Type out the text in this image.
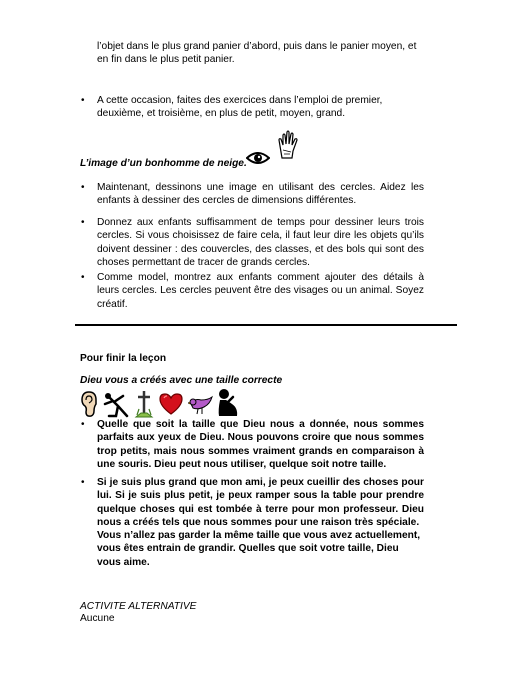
l’objet dans le plus grand panier d’abord, puis dans le panier moyen, et en fin dans le plus petit panier.
• A cette occasion, faites des exercices dans l’emploi de premier, deuxième, et troisième, en plus de petit, moyen, grand.
L’image d’un bonhomme de neige.
• Maintenant, dessinons une image en utilisant des cercles. Aidez les enfants à dessiner des cercles de dimensions différentes.
• Donnez aux enfants suffisamment de temps pour dessiner leurs trois cercles. Si vous choisissez de faire cela, il faut leur dire les objets qu’ils doivent dessiner : des couvercles, des classes, et des bols qui sont des choses permettant de tracer de grands cercles.
• Comme model, montrez aux enfants comment ajouter des détails à leurs cercles. Les cercles peuvent être des visages ou un animal. Soyez créatif.
Pour finir la leçon
Dieu vous a créés avec une taille correcte
• Quelle que soit la taille que Dieu nous a donnée, nous sommes parfaits aux yeux de Dieu. Nous pouvons croire que nous sommes trop petits, mais nous sommes vraiment grands en comparaison à une souris. Dieu peut nous utiliser, quelque soit notre taille.
• Si je suis plus grand que mon ami, je peux cueillir des choses pour lui. Si je suis plus petit, je peux ramper sous la table pour prendre quelque choses qui est tombée à terre pour mon professeur. Dieu nous a créés tels que nous sommes pour une raison très spéciale.
Vous n’allez pas garder la même taille que vous avez actuellement, vous êtes entrain de grandir. Quelles que soit votre taille, Dieu vous aime.
ACTIVITE ALTERNATIVE
Aucune
